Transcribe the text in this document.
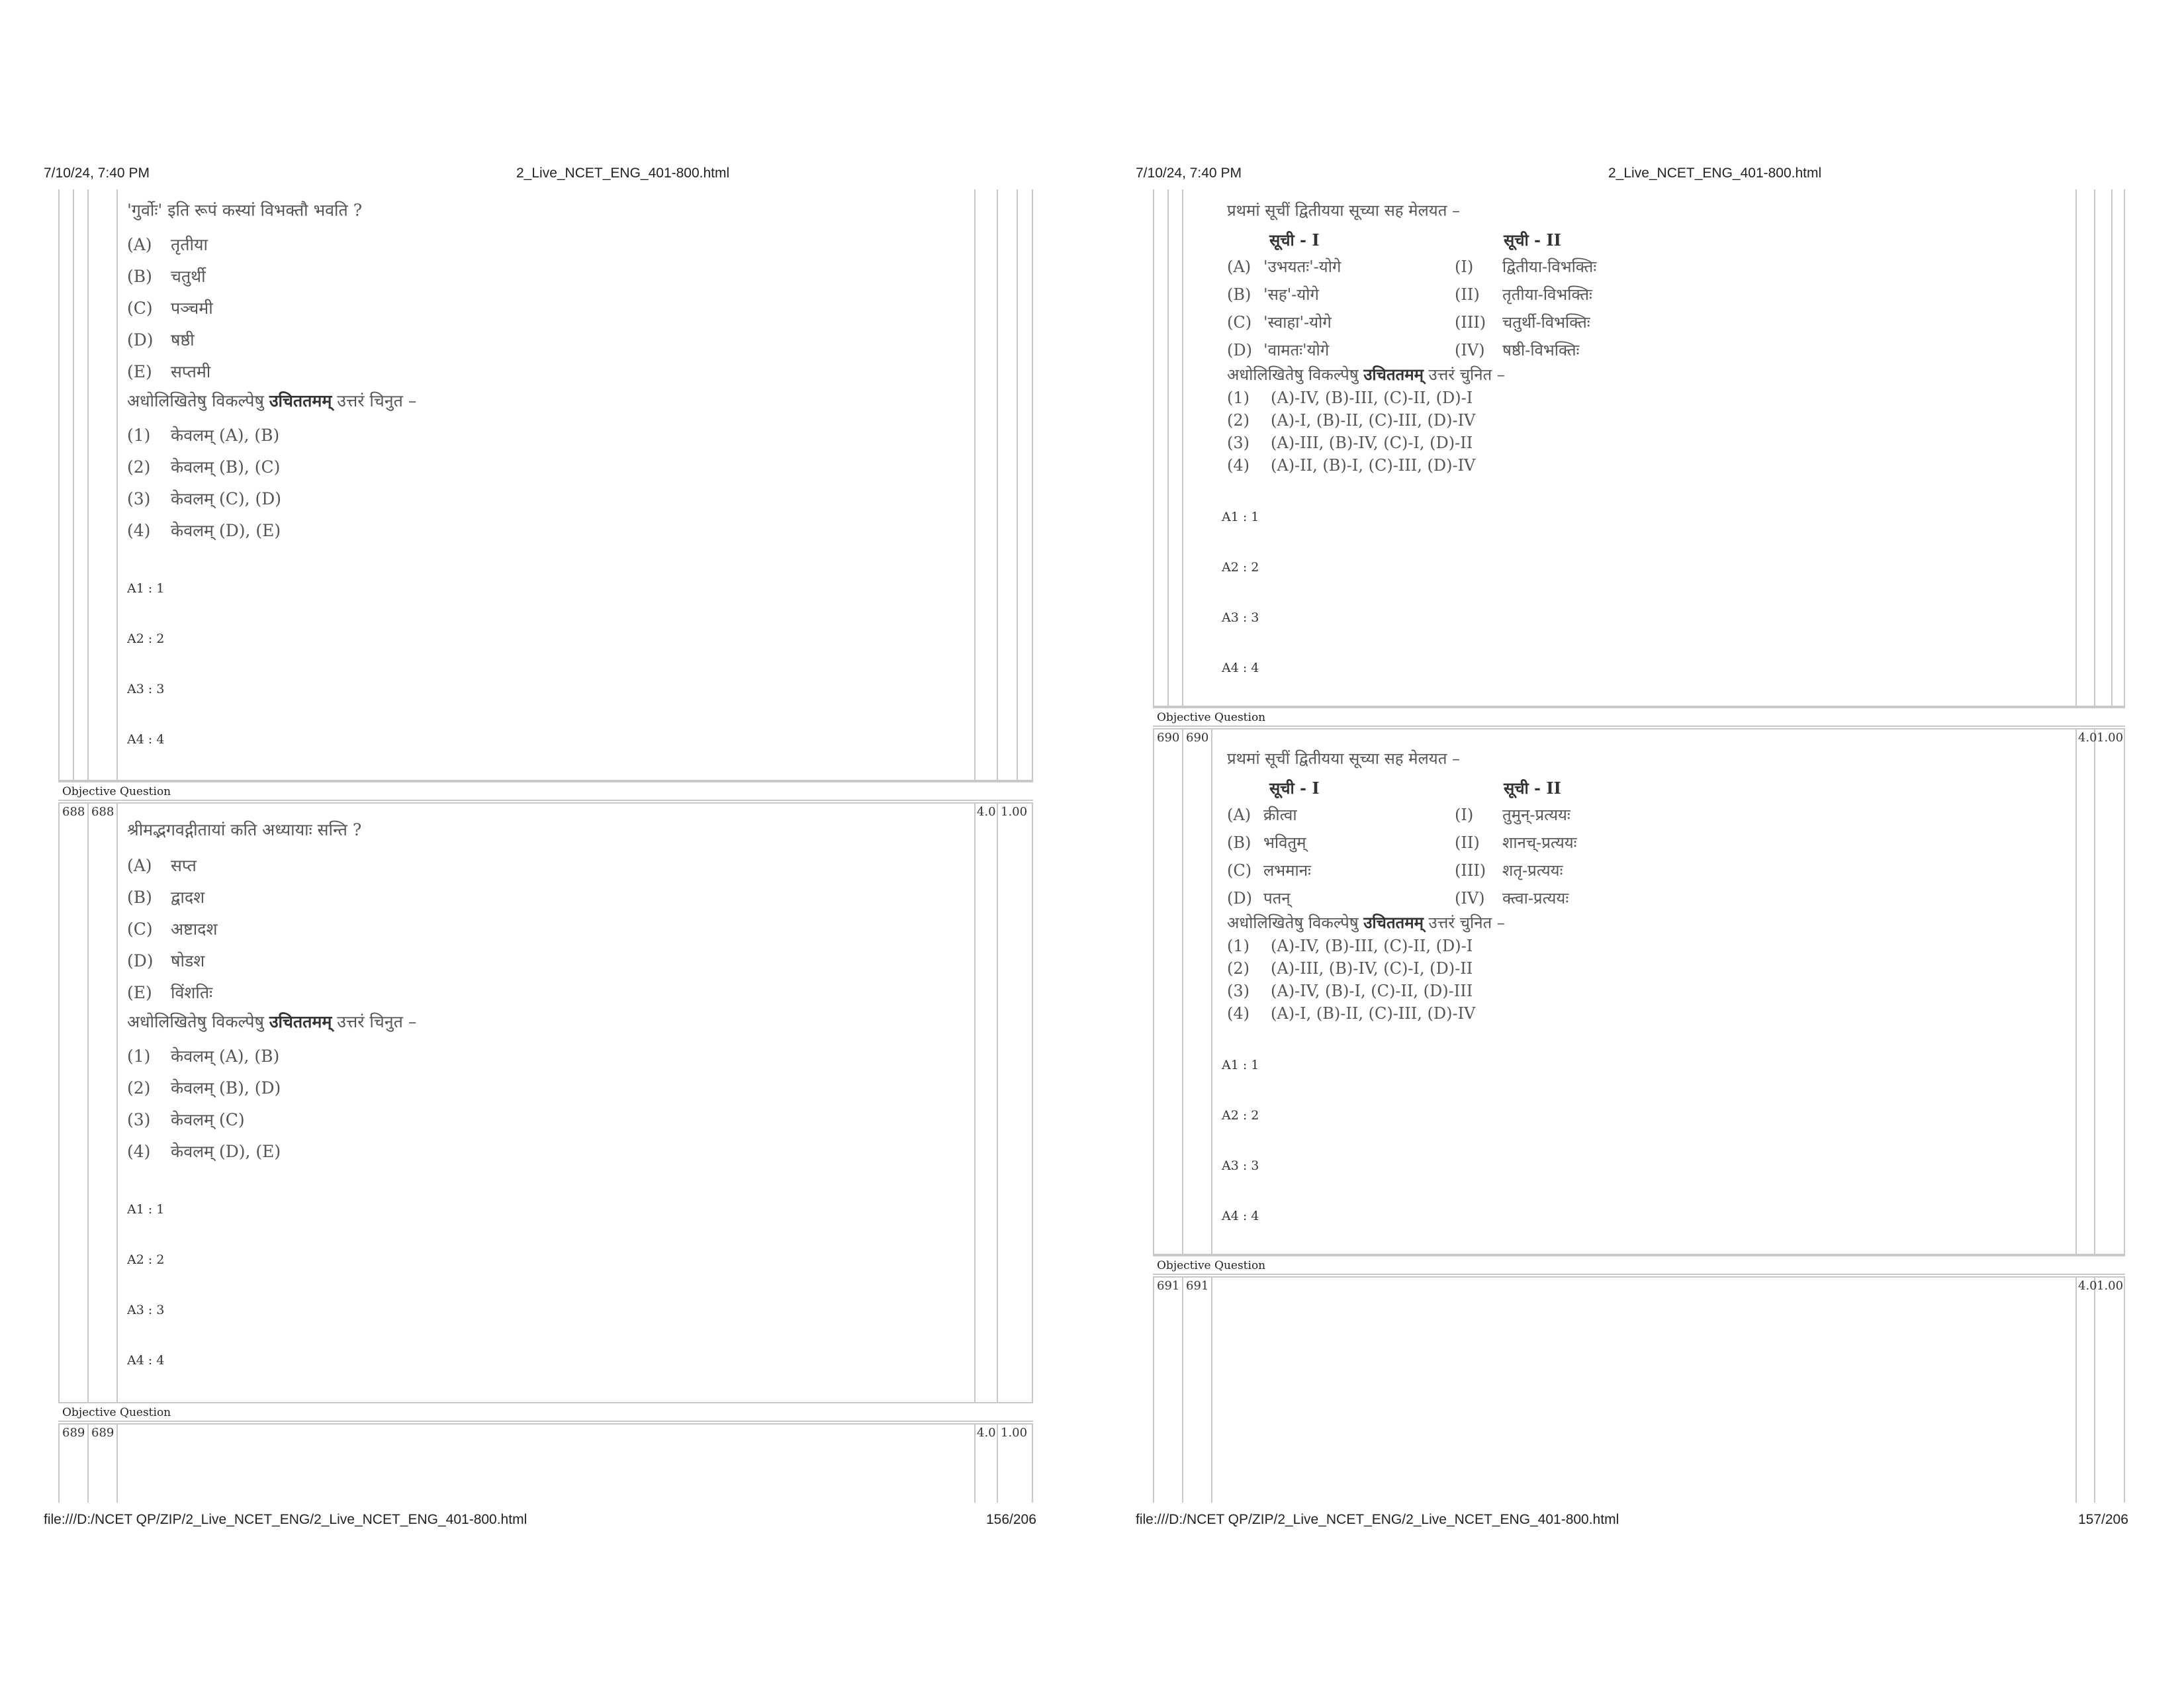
7/10/24, 7:40 PM	2_Live_NCET_ENG_401-800.html
'गुर्वोः' इति रूपं कस्यां विभक्तौ भवति ?
(A) तृतीया
(B) चतुर्थी
(C) पञ्चमी
(D) षष्ठी
(E) सप्तमी
अधोलिखितेषु विकल्पेषु उचिततमम् उत्तरं चिनुत –
(1) केवलम् (A), (B)
(2) केवलम् (B), (C)
(3) केवलम् (C), (D)
(4) केवलम् (D), (E)
A1 : 1
A2 : 2
A3 : 3
A4 : 4
Objective Question
688 688	4.0 1.00
श्रीमद्भगवद्गीतायां कति अध्यायाः सन्ति ?
(A) सप्त
(B) द्वादश
(C) अष्टादश
(D) षोडश
(E) विंशतिः
अधोलिखितेषु विकल्पेषु उचिततमम् उत्तरं चिनुत –
(1) केवलम् (A), (B)
(2) केवलम् (B), (D)
(3) केवलम् (C)
(4) केवलम् (D), (E)
A1 : 1
A2 : 2
A3 : 3
A4 : 4
Objective Question
689 689	4.0 1.00
file:///D:/NCET QP/ZIP/2_Live_NCET_ENG/2_Live_NCET_ENG_401-800.html	156/206
7/10/24, 7:40 PM	2_Live_NCET_ENG_401-800.html
प्रथमां सूचीं द्वितीयया सूच्या सह मेलयत –
सूची - I	सूची - II
(A) 'उभयतः'-योगे	(I) द्वितीया-विभक्तिः
(B) 'सह'-योगे	(II) तृतीया-विभक्तिः
(C) 'स्वाहा'-योगे	(III) चतुर्थी-विभक्तिः
(D) 'वामतः'योगे	(IV) षष्ठी-विभक्तिः
अधोलिखितेषु विकल्पेषु उचिततमम् उत्तरं चुनित –
(1) (A)-IV, (B)-III, (C)-II, (D)-I
(2) (A)-I, (B)-II, (C)-III, (D)-IV
(3) (A)-III, (B)-IV, (C)-I, (D)-II
(4) (A)-II, (B)-I, (C)-III, (D)-IV
A1 : 1
A2 : 2
A3 : 3
A4 : 4
Objective Question
690 690	4.0 1.00
प्रथमां सूचीं द्वितीयया सूच्या सह मेलयत –
सूची - I	सूची - II
(A) क्रीत्वा	(I) तुमुन्-प्रत्ययः
(B) भवितुम्	(II) शानच्-प्रत्ययः
(C) लभमानः	(III) शतृ-प्रत्ययः
(D) पतन्	(IV) क्त्वा-प्रत्ययः
अधोलिखितेषु विकल्पेषु उचिततमम् उत्तरं चुनित –
(1) (A)-IV, (B)-III, (C)-II, (D)-I
(2) (A)-III, (B)-IV, (C)-I, (D)-II
(3) (A)-IV, (B)-I, (C)-II, (D)-III
(4) (A)-I, (B)-II, (C)-III, (D)-IV
A1 : 1
A2 : 2
A3 : 3
A4 : 4
Objective Question
691 691	4.0 1.00
file:///D:/NCET QP/ZIP/2_Live_NCET_ENG/2_Live_NCET_ENG_401-800.html	157/206
